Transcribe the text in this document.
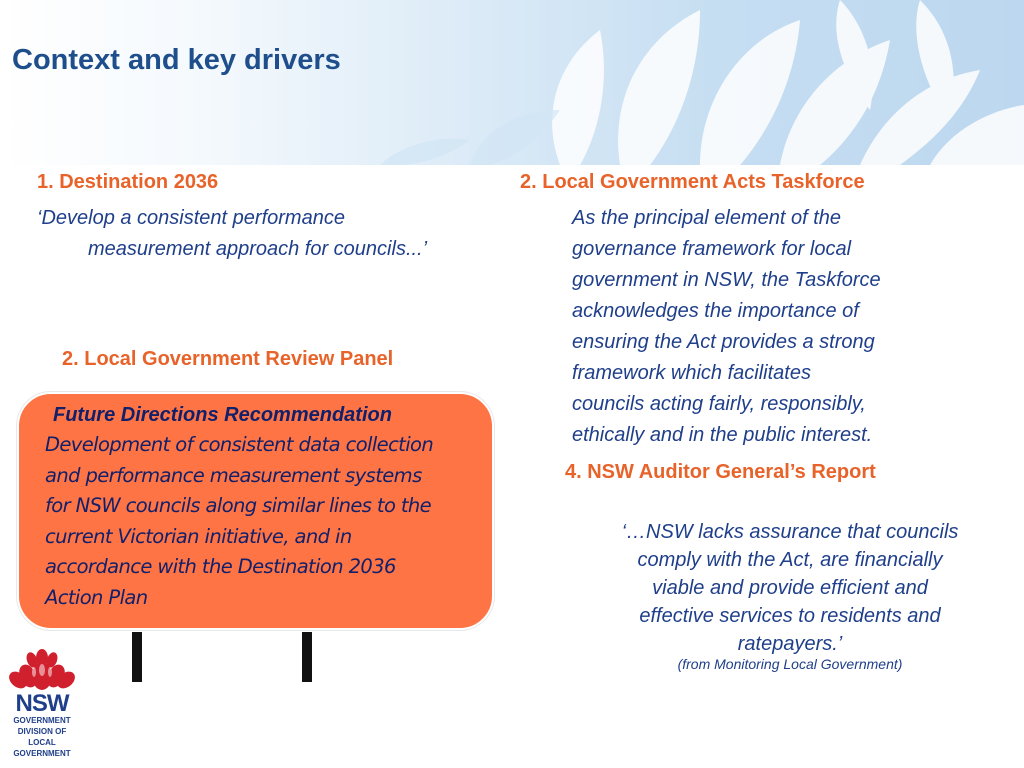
Context and key drivers
1. Destination 2036
‘Develop a consistent performance
measurement approach for councils...’
2. Local Government Acts Taskforce
As the principal element of the
governance framework for local
government in NSW, the Taskforce
acknowledges the importance of
ensuring the Act provides a strong
framework which facilitates
councils acting fairly, responsibly,
ethically and in the public interest.
2. Local Government Review Panel
Future Directions Recommendation
Development of consistent data collection
and performance measurement systems
for NSW councils along similar lines to the
current Victorian initiative, and in
accordance with the Destination 2036
Action Plan
4. NSW Auditor General’s Report
‘…NSW lacks assurance that councils
comply with the Act, are financially
viable and provide efficient and
effective services to residents and
ratepayers.’
(from Monitoring Local Government)
NSW
GOVERNMENT
DIVISION OF
LOCAL
GOVERNMENT
